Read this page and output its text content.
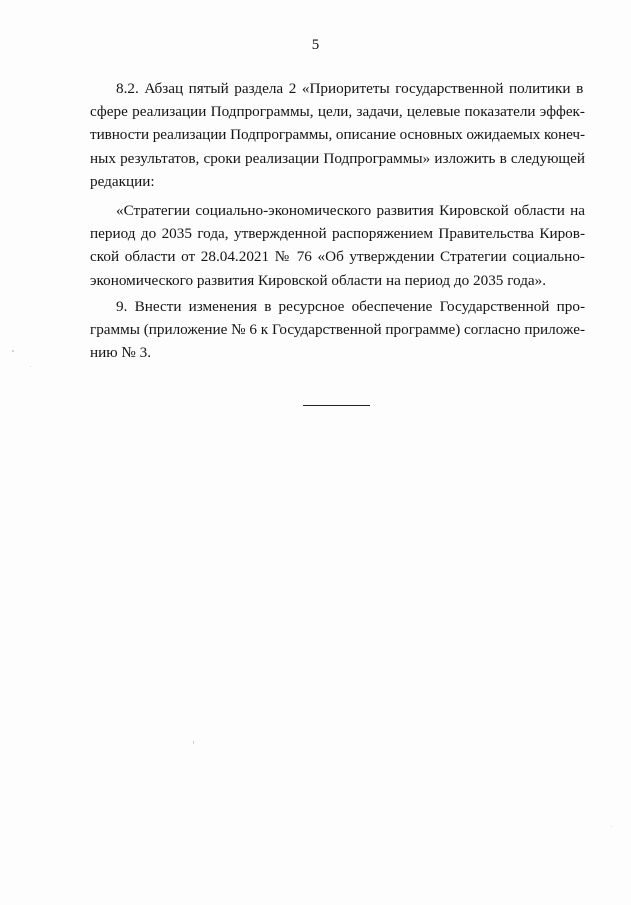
5
8.2. Абзац пятый раздела 2 «Приоритеты государственной политики в
сфере реализации Подпрограммы, цели, задачи, целевые показатели эффек-
тивности реализации Подпрограммы, описание основных ожидаемых конеч-
ных результатов, сроки реализации Подпрограммы» изложить в следующей
редакции:
«Стратегии социально-экономического развития Кировской области на
период до 2035 года, утвержденной распоряжением Правительства Киров-
ской области от 28.04.2021 № 76 «Об утверждении Стратегии социально-
экономического развития Кировской области на период до 2035 года».
9. Внести изменения в ресурсное обеспечение Государственной про-
граммы (приложение № 6 к Государственной программе) согласно приложе-
нию № 3.
